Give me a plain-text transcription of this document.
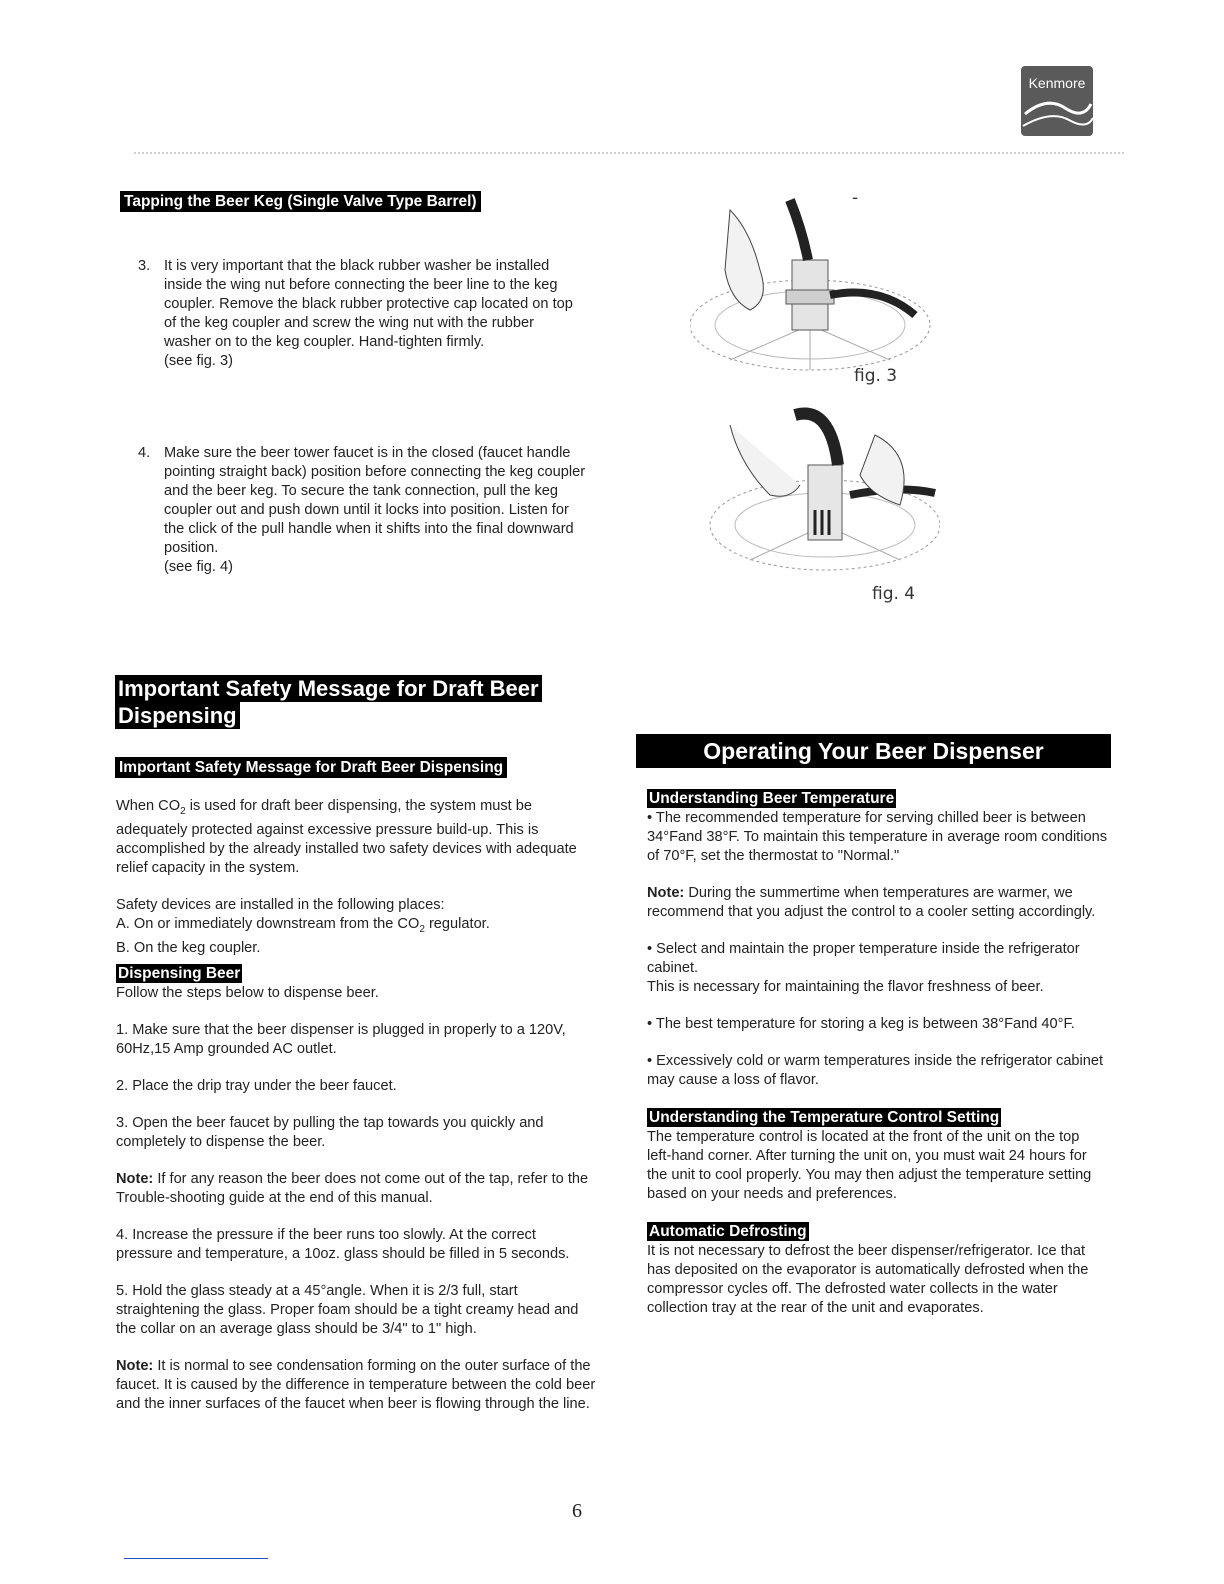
Kenmore
Tapping the Beer Keg (Single Valve Type Barrel)
3. It is very important that the black rubber washer be installed inside the wing nut before connecting the beer line to the keg coupler. Remove the black rubber protective cap located on top of the keg coupler and screw the wing nut with the rubber washer on to the keg coupler. Hand-tighten firmly.

(see fig. 3)

4. Make sure the beer tower faucet is in the closed (faucet handle pointing straight back) position before connecting the keg coupler and the beer keg. To secure the tank connection, pull the keg coupler out and push down until it locks into position. Listen for the click of the pull handle when it shifts into the final downward position.

(see fig. 4)

fig. 3
-
fig. 4
Important Safety Message for Draft Beer
Dispensing
Important Safety Message for Draft Beer Dispensing

When $CO_2$ is used for draft beer dispensing, the system must be adequately protected against excessive pressure build-up. This is accomplished by the already installed two safety devices with adequate relief capacity in the system.

Safety devices are installed in the following places:

A. On or immediately downstream from the $CO_2$ regulator.

B. On the keg coupler.

Dispensing Beer

Follow the steps below to dispense beer.

1. Make sure that the beer dispenser is plugged in properly to a 120V, 60Hz,15 Amp grounded AC outlet.

2. Place the drip tray under the beer faucet.

3. Open the beer faucet by pulling the tap towards you quickly and completely to dispense the beer.

Note: If for any reason the beer does not come out of the tap, refer to the Trouble-shooting guide at the end of this manual.

4. Increase the pressure if the beer runs too slowly. At the correct pressure and temperature, a 10oz. glass should be filled in 5 seconds.

5. Hold the glass steady at a 45°angle. When it is 2/3 full, start straightening the glass. Proper foam should be a tight creamy head and the collar on an average glass should be 3/4" to 1" high.

Note: It is normal to see condensation forming on the outer surface of the faucet. It is caused by the difference in temperature between the cold beer and the inner surfaces of the faucet when beer is flowing through the line.

Operating Your Beer Dispenser
Understanding Beer Temperature

• The recommended temperature for serving chilled beer is between 34°Fand 38°F. To maintain this temperature in average room conditions of 70°F, set the thermostat to "Normal."

Note: During the summertime when temperatures are warmer, we recommend that you adjust the control to a cooler setting accordingly.

• Select and maintain the proper temperature inside the refrigerator cabinet.

This is necessary for maintaining the flavor freshness of beer.

• The best temperature for storing a keg is between 38°Fand 40°F.

• Excessively cold or warm temperatures inside the refrigerator cabinet may cause a loss of flavor.

Understanding the Temperature Control Setting

The temperature control is located at the front of the unit on the top left-hand corner. After turning the unit on, you must wait 24 hours for the unit to cool properly. You may then adjust the temperature setting based on your needs and preferences.

Automatic Defrosting

It is not necessary to defrost the beer dispenser/refrigerator. Ice that has deposited on the evaporator is automatically defrosted when the compressor cycles off. The defrosted water collects in the water collection tray at the rear of the unit and evaporates.

6
